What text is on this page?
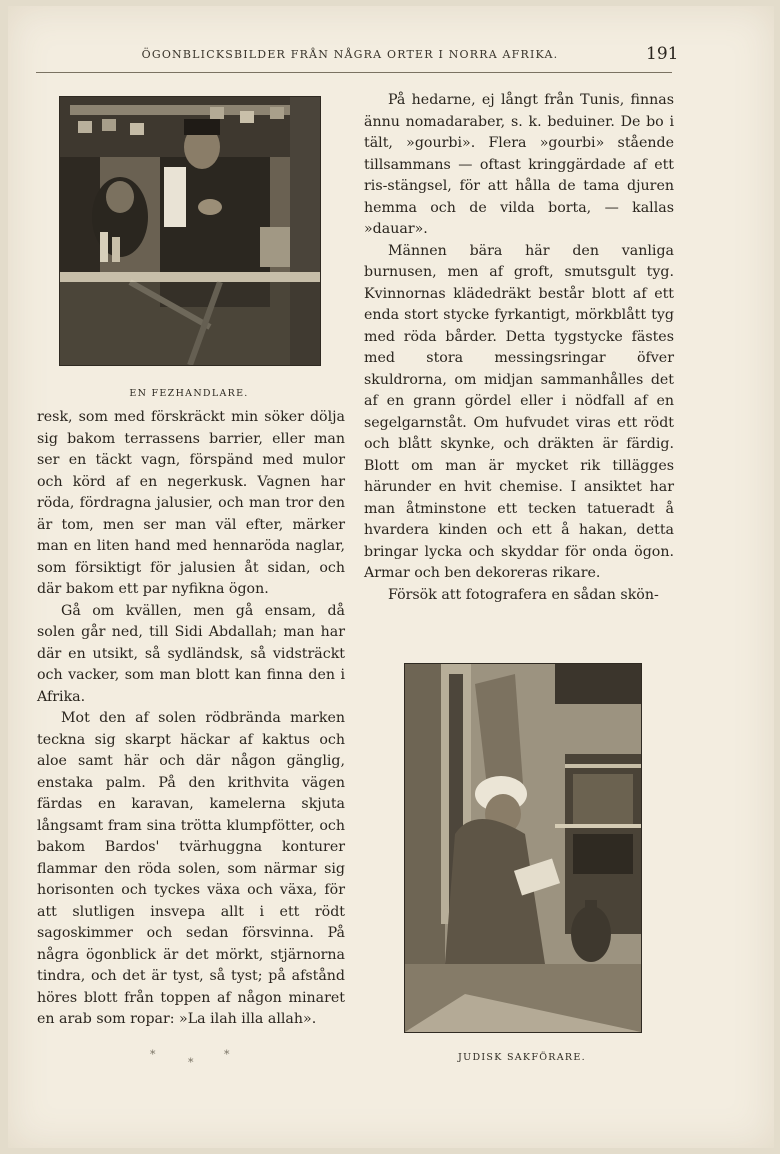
ÖGONBLICKSBILDER FRÅN NÅGRA ORTER I NORRA AFRIKA.	191
EN FEZHANDLARE.

resk, som med förskräckt min söker dölja sig bakom terrassens barrier, eller man ser en täckt vagn, förspänd med mulor och körd af en negerkusk. Vagnen har röda, fördragna jalusier, och man tror den är tom, men ser man väl efter, märker man en liten hand med hennaröda naglar, som försiktigt för jalusien åt sidan, och där bakom ett par nyfikna ögon.

Gå om kvällen, men gå ensam, då solen går ned, till Sidi Abdallah; man har där en utsikt, så sydländsk, så vidsträckt och vacker, som man blott kan finna den i Afrika.

Mot den af solen rödbrända marken teckna sig skarpt häckar af kaktus och aloe samt här och där någon gänglig, enstaka palm. På den krithvita vägen färdas en karavan, kamelerna skjuta långsamt fram sina trötta klumpfötter, och bakom Bardos' tvärhuggna konturer flammar den röda solen, som närmar sig horisonten och tyckes växa och växa, för att slutligen insvepa allt i ett rödt sagoskimmer och sedan försvinna. På några ögonblick är det mörkt, stjärnorna tindra, och det är tyst, så tyst; på afstånd höres blott från toppen af någon minaret en arab som ropar: »La ilah illa allah».

*
*
*

På hedarne, ej långt från Tunis, finnas ännu nomadaraber, s. k. beduiner. De bo i tält, »gourbi». Flera »gourbi» stående tillsammans — oftast kringgärdade af ett ris-stängsel, för att hålla de tama djuren hemma och de vilda borta, — kallas »dauar».

Männen bära här den vanliga burnusen, men af groft, smutsgult tyg. Kvinnornas klädedräkt består blott af ett enda stort stycke fyrkantigt, mörkblått tyg med röda bårder. Detta tygstycke fästes med stora messingsringar öfver skuldrorna, om midjan sammanhålles det af en grann gördel eller i nödfall af en segelgarnståt. Om hufvudet viras ett rödt och blått skynke, och dräkten är färdig. Blott om man är mycket rik tillägges härunder en hvit chemise. I ansiktet har man åtminstone ett tecken tatueradt å hvardera kinden och ett å hakan, detta bringar lycka och skyddar för onda ögon. Armar och ben dekoreras rikare.

Försök att fotografera en sådan skön-

JUDISK SAKFÖRARE.
